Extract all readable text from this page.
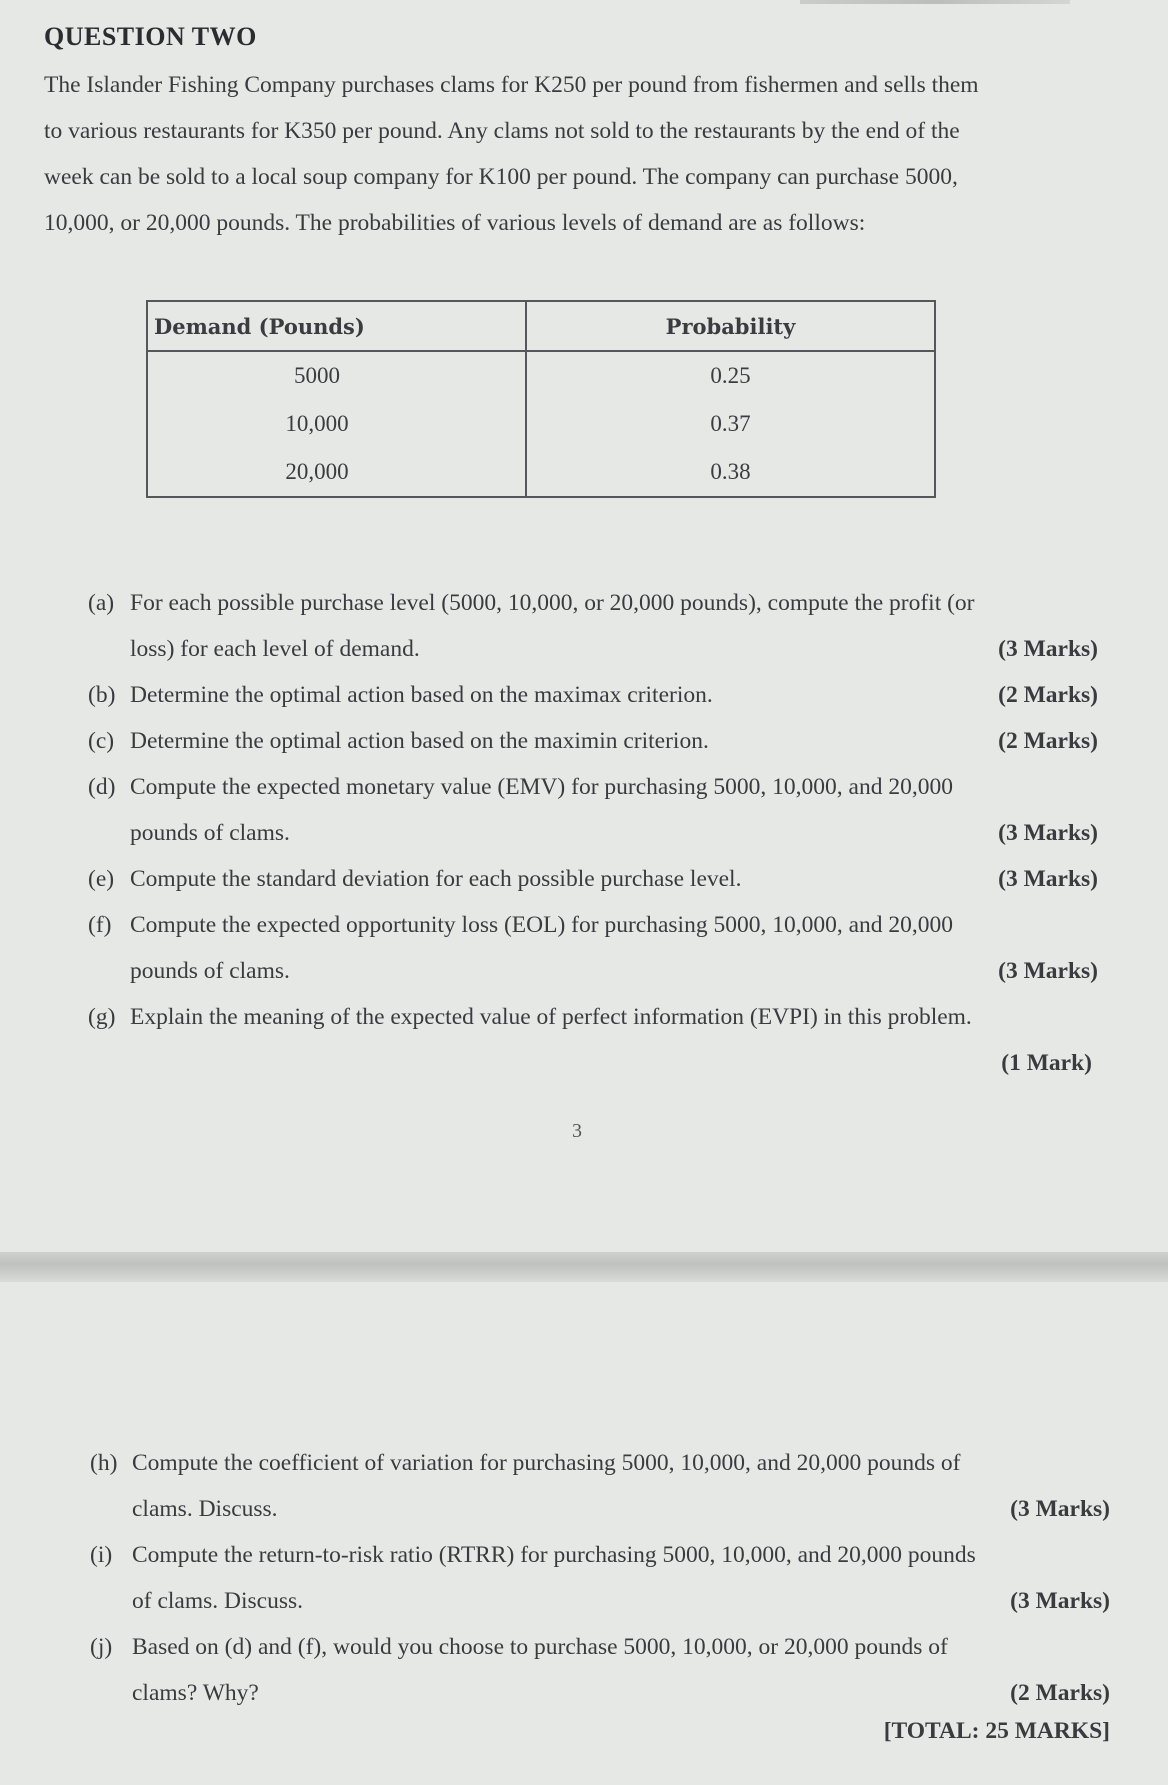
QUESTION TWO

The Islander Fishing Company purchases clams for K250 per pound from fishermen and sells them

to various restaurants for K350 per pound. Any clams not sold to the restaurants by the end of the

week can be sold to a local soup company for K100 per pound. The company can purchase 5000,

10,000, or 20,000 pounds. The probabilities of various levels of demand are as follows:

Demand (Pounds)	Probability
5000	0.25
10,000	0.37
20,000	0.38
(a) For each possible purchase level (5000, 10,000, or 20,000 pounds), compute the profit (or
loss) for each level of demand.	(3 Marks)
(b) Determine the optimal action based on the maximax criterion.	(2 Marks)
(c) Determine the optimal action based on the maximin criterion.	(2 Marks)
(d) Compute the expected monetary value (EMV) for purchasing 5000, 10,000, and 20,000
pounds of clams.	(3 Marks)
(e) Compute the standard deviation for each possible purchase level.	(3 Marks)
(f) Compute the expected opportunity loss (EOL) for purchasing 5000, 10,000, and 20,000
pounds of clams.	(3 Marks)
(g) Explain the meaning of the expected value of perfect information (EVPI) in this problem.
(1 Mark)
3
(h) Compute the coefficient of variation for purchasing 5000, 10,000, and 20,000 pounds of
clams. Discuss.	(3 Marks)
(i) Compute the return-to-risk ratio (RTRR) for purchasing 5000, 10,000, and 20,000 pounds
of clams. Discuss.	(3 Marks)
(j) Based on (d) and (f), would you choose to purchase 5000, 10,000, or 20,000 pounds of
clams? Why?	(2 Marks)
[TOTAL: 25 MARKS]
